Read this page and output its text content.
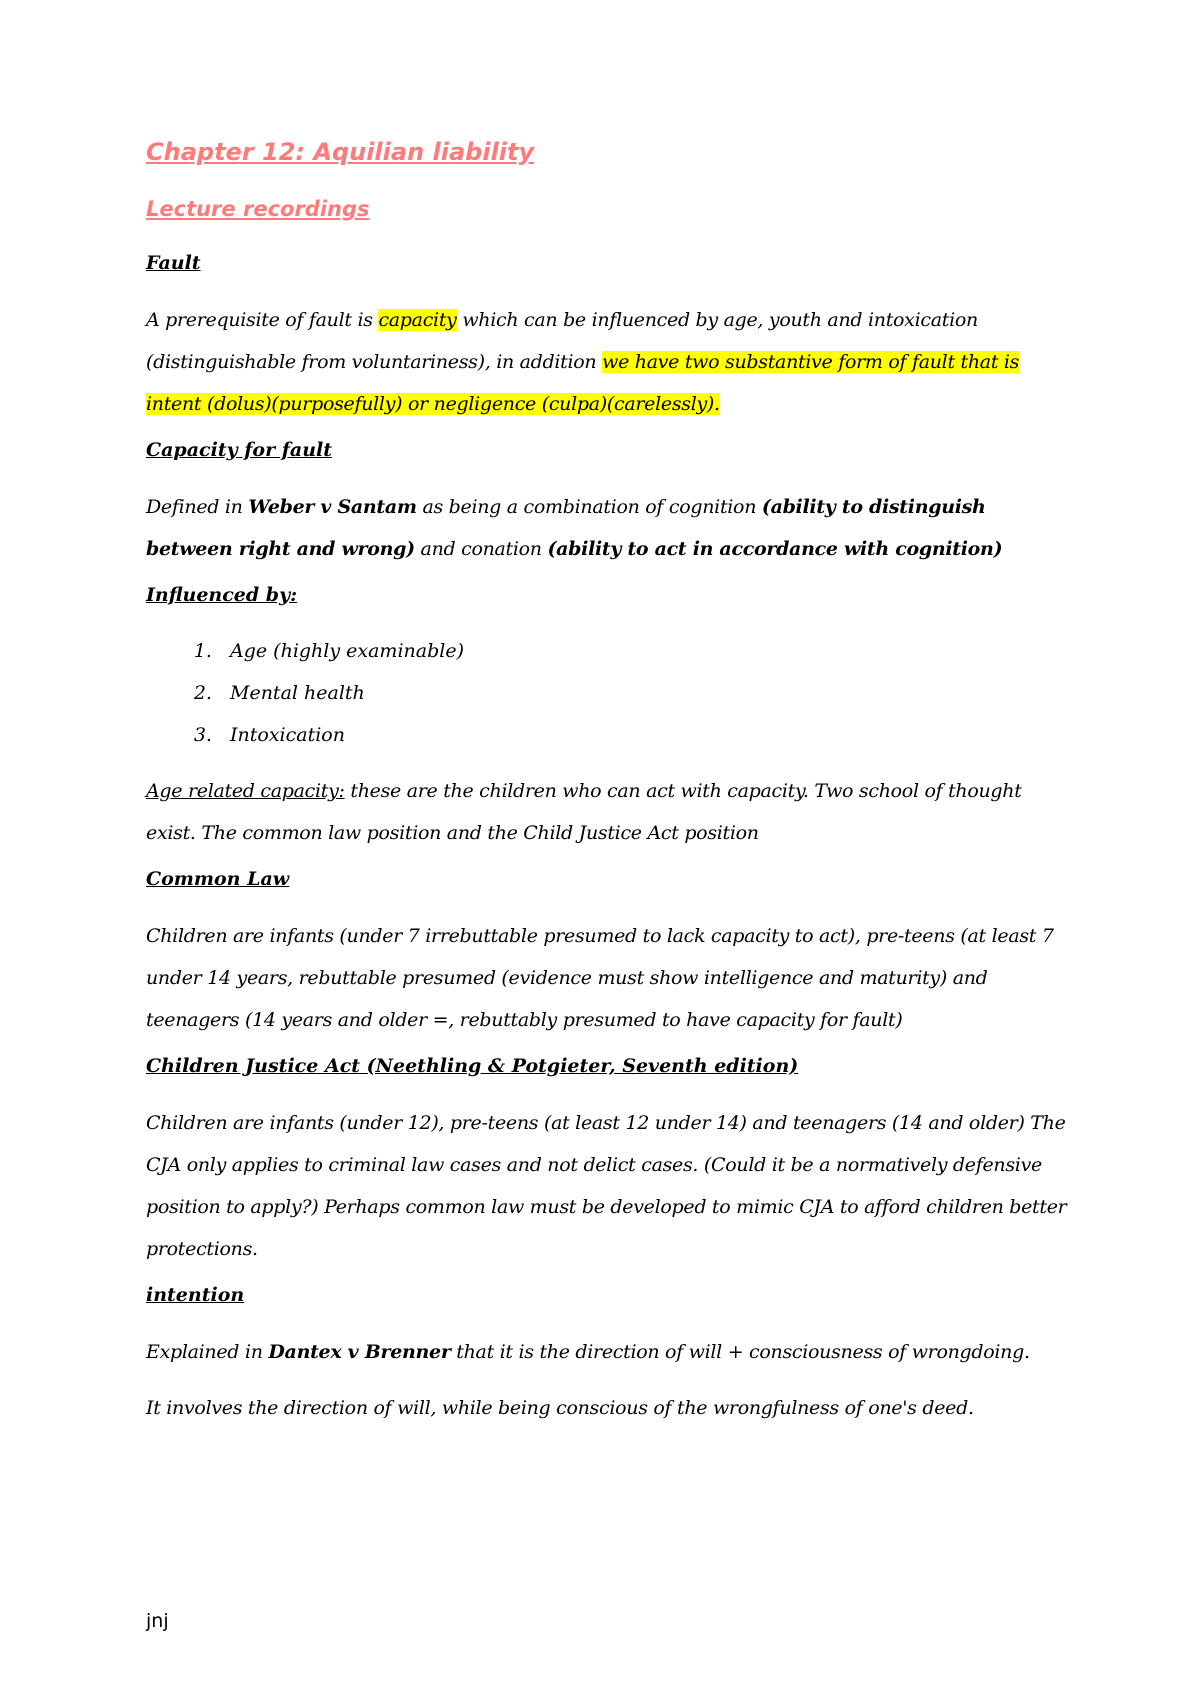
Chapter 12: Aquilian liability
Lecture recordings
Fault

A prerequisite of fault is capacity which can be influenced by age, youth and intoxication (distinguishable from voluntariness), in addition we have two substantive form of fault that is intent (dolus)(purposefully) or negligence (culpa)(carelessly).

Capacity for fault

Defined in Weber v Santam as being a combination of cognition (ability to distinguish between right and wrong) and conation (ability to act in accordance with cognition)

Influenced by:
1. Age (highly examinable)
2. Mental health
3. Intoxication

Age related capacity: these are the children who can act with capacity. Two school of thought exist. The common law position and the Child Justice Act position

Common Law

Children are infants (under 7 irrebuttable presumed to lack capacity to act), pre-teens (at least 7 under 14 years, rebuttable presumed (evidence must show intelligence and maturity) and teenagers (14 years and older =, rebuttably presumed to have capacity for fault)

Children Justice Act (Neethling & Potgieter, Seventh edition)

Children are infants (under 12), pre-teens (at least 12 under 14) and teenagers (14 and older) The CJA only applies to criminal law cases and not delict cases. (Could it be a normatively defensive position to apply?) Perhaps common law must be developed to mimic CJA to afford children better protections.

intention

Explained in Dantex v Brenner that it is the direction of will + consciousness of wrongdoing.

It involves the direction of will, while being conscious of the wrongfulness of one's deed.

jnj
